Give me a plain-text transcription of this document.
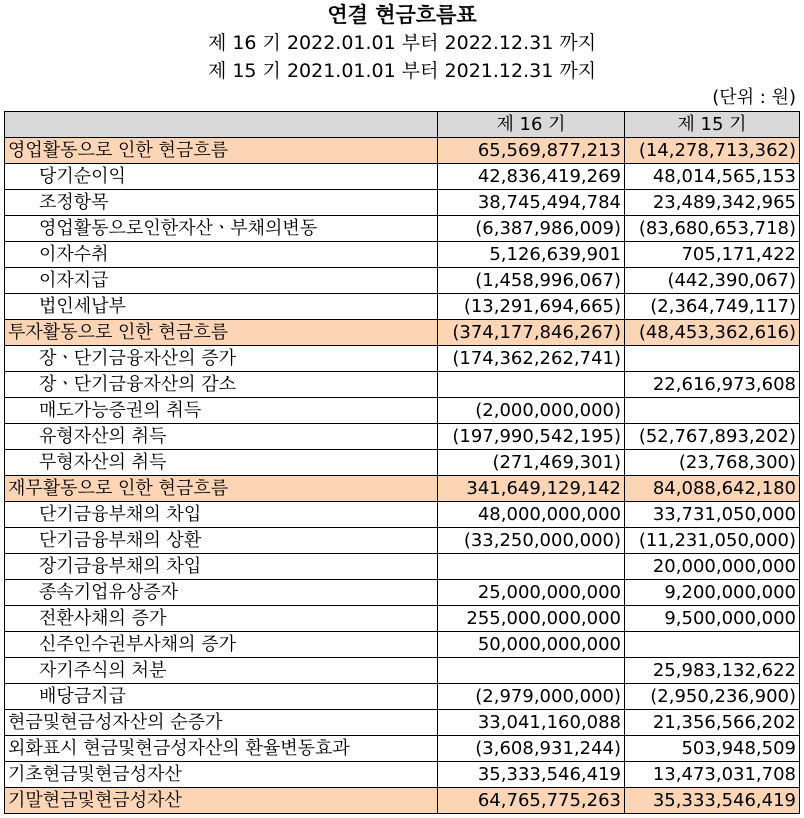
연결 현금흐름표
제 16 기 2022.01.01 부터 2022.12.31 까지
제 15 기 2021.01.01 부터 2021.12.31 까지
(단위 : 원)
	제 16 기	제 15 기
영업활동으로 인한 현금흐름	65,569,877,213	(14,278,713,362)
당기순이익	42,836,419,269	48,014,565,153
조정항목	38,745,494,784	23,489,342,965
영업활동으로인한자산ㆍ부채의변동	(6,387,986,009)	(83,680,653,718)
이자수취	5,126,639,901	705,171,422
이자지급	(1,458,996,067)	(442,390,067)
법인세납부	(13,291,694,665)	(2,364,749,117)
투자활동으로 인한 현금흐름	(374,177,846,267)	(48,453,362,616)
장ㆍ단기금융자산의 증가	(174,362,262,741)	
장ㆍ단기금융자산의 감소		22,616,973,608
매도가능증권의 취득	(2,000,000,000)	
유형자산의 취득	(197,990,542,195)	(52,767,893,202)
무형자산의 취득	(271,469,301)	(23,768,300)
재무활동으로 인한 현금흐름	341,649,129,142	84,088,642,180
단기금융부채의 차입	48,000,000,000	33,731,050,000
단기금융부채의 상환	(33,250,000,000)	(11,231,050,000)
장기금융부채의 차입		20,000,000,000
종속기업유상증자	25,000,000,000	9,200,000,000
전환사채의 증가	255,000,000,000	9,500,000,000
신주인수권부사채의 증가	50,000,000,000	
자기주식의 처분		25,983,132,622
배당금지급	(2,979,000,000)	(2,950,236,900)
현금및현금성자산의 순증가	33,041,160,088	21,356,566,202
외화표시 현금및현금성자산의 환율변동효과	(3,608,931,244)	503,948,509
기초현금및현금성자산	35,333,546,419	13,473,031,708
기말현금및현금성자산	64,765,775,263	35,333,546,419
